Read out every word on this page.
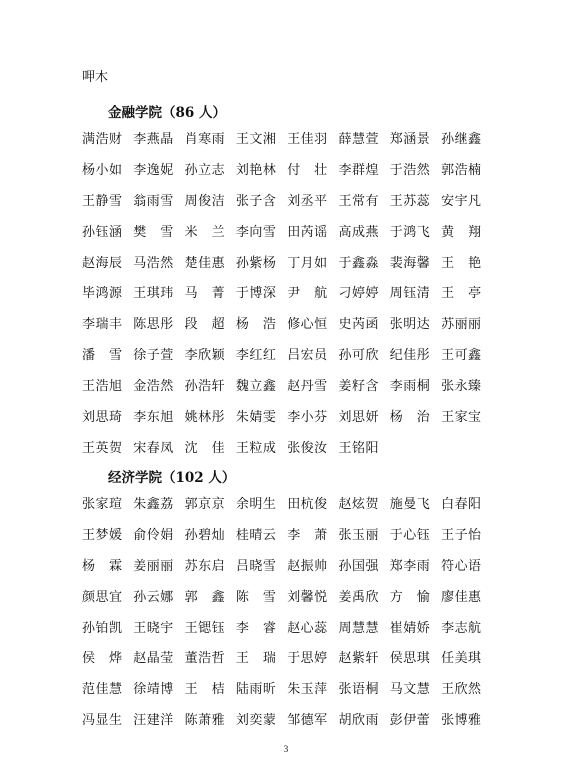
呷木
金融学院（86 人）
满 浩 财 李 燕 晶 肖 寒 雨 王 文 湘 王 佳 羽 薛 慧 萱 郑 涵 景 孙 继 鑫
杨 小 如 李 逸 妮 孙 立 志 刘 艳 林 付 壮 李 群 煌 于 浩 然 郭 浩 楠
王 静 雪 翁 雨 雪 周 俊 洁 张 子 含 刘 丞 平 王 常 有 王 苏 蕊 安 宇 凡
孙 钰 涵 樊 雪 米 兰 李 向 雪 田 芮 谣 高 成 燕 于 鸿 飞 黄 翔
赵 海 辰 马 浩 然 楚 佳 惠 孙 紫 杨 丁 月 如 于 鑫 淼 裴 海 馨 王 艳
毕 鸿 源 王 琪 玮 马 菁 于 博 深 尹 航 刁 婷 婷 周 钰 清 王 亭
李 瑞 丰 陈 思 彤 段 超 杨 浩 修 心 恒 史 芮 函 张 明 达 苏 丽 丽
潘 雪 徐 子 萱 李 欣 颖 李 红 红 吕 宏 员 孙 可 欣 纪 佳 彤 王 可 鑫
王 浩 旭 金 浩 然 孙 浩 轩 魏 立 鑫 赵 丹 雪 姜 籽 含 李 雨 桐 张 永 臻
刘 思 琦 李 东 旭 姚 林 彤 朱 婧 雯 李 小 芬 刘 思 妍 杨 治 王 家 宝
王 英 贺 宋 春 凤 沈 佳 王 粒 成 张 俊 汝 王 铭 阳
经济学院（102 人）
张 家 瑄 朱 鑫 荔 郭 京 京 余 明 生 田 杭 俊 赵 炫 贺 施 曼 飞 白 春 阳
王 梦 媛 俞 伶 娟 孙 碧 灿 桂 晴 云 李 萧 张 玉 丽 于 心 钰 王 子 怡
杨 霖 姜 丽 丽 苏 东 启 吕 晓 雪 赵 振 帅 孙 国 强 郑 李 雨 符 心 语
颜 思 宜 孙 云 娜 郭 鑫 陈 雪 刘 馨 悦 姜 禹 欣 方 愉 廖 佳 惠
孙 铂 凯 王 晓 宇 王 锶 钰 李 睿 赵 心 蕊 周 慧 慧 崔 婧 娇 李 志 航
侯 烨 赵 晶 莹 董 浩 哲 王 瑞 于 思 婷 赵 紫 轩 侯 思 琪 任 美 琪
范 佳 慧 徐 靖 博 王 桔 陆 雨 昕 朱 玉 萍 张 语 桐 马 文 慧 王 欣 然
冯 显 生 汪 建 洋 陈 萧 雅 刘 奕 蒙 邹 德 军 胡 欣 雨 彭 伊 蕾 张 博 雅
3
